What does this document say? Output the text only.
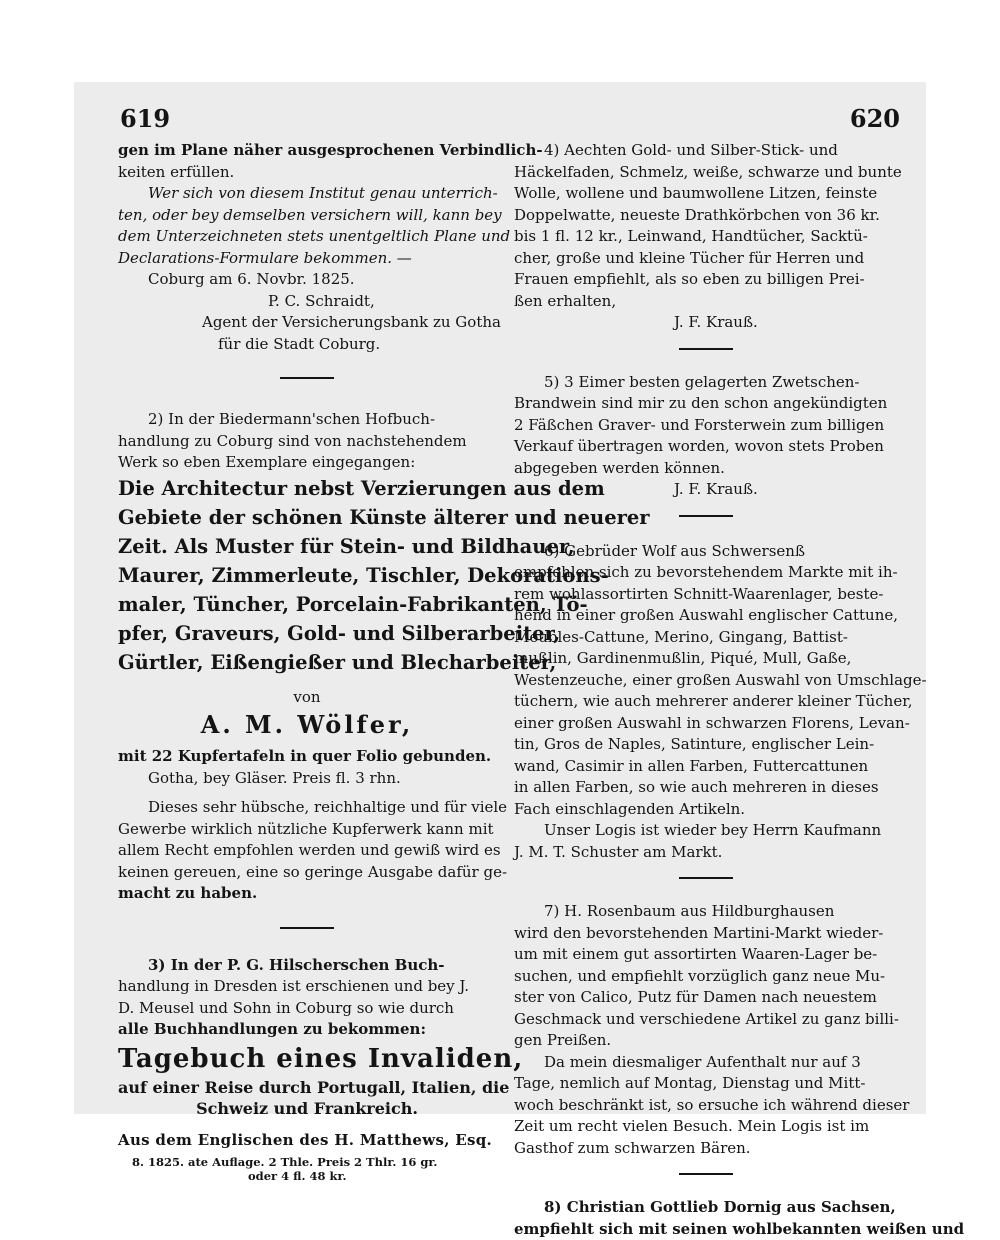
619	620
gen im Plane näher ausgesprochenen Verbindlich-
keiten erfüllen.
Wer sich von diesem Institut genau unterrich-
ten, oder bey demselben versichern will, kann bey
dem Unterzeichneten stets unentgeltlich Plane und
Declarations-Formulare bekommen. —
Coburg am 6. Novbr. 1825.
P. C. Schraidt,
Agent der Versicherungsbank zu Gotha
für die Stadt Coburg.
2) In der Biedermann'schen Hofbuch-
handlung zu Coburg sind von nachstehendem
Werk so eben Exemplare eingegangen:
Die Architectur nebst Verzierungen aus dem
Gebiete der schönen Künste älterer und neuerer
Zeit. Als Muster für Stein- und Bildhauer,
Maurer, Zimmerleute, Tischler, Dekorations-
maler, Tüncher, Porcelain-Fabrikanten, Tö-
pfer, Graveurs, Gold- und Silberarbeiter,
Gürtler, Eißengießer und Blecharbeiter,
von
A. M. Wölfer,
mit 22 Kupfertafeln in quer Folio gebunden.
Gotha, bey Gläser. Preis fl. 3 rhn.
Dieses sehr hübsche, reichhaltige und für viele
Gewerbe wirklich nützliche Kupferwerk kann mit
allem Recht empfohlen werden und gewiß wird es
keinen gereuen, eine so geringe Ausgabe dafür ge-
macht zu haben.
3) In der P. G. Hilscherschen Buch-
handlung in Dresden ist erschienen und bey J.
D. Meusel und Sohn in Coburg so wie durch
alle Buchhandlungen zu bekommen:
Tagebuch eines Invaliden,
auf einer Reise durch Portugall, Italien, die
Schweiz und Frankreich.
Aus dem Englischen des H. Matthews, Esq.
8. 1825. ate Auflage. 2 Thle. Preis 2 Thlr. 16 gr.
oder 4 fl. 48 kr.
4) Aechten Gold- und Silber-Stick- und
Häckelfaden, Schmelz, weiße, schwarze und bunte
Wolle, wollene und baumwollene Litzen, feinste
Doppelwatte, neueste Drathkörbchen von 36 kr.
bis 1 fl. 12 kr., Leinwand, Handtücher, Sacktü-
cher, große und kleine Tücher für Herren und
Frauen empfiehlt, als so eben zu billigen Prei-
ßen erhalten,
J. F. Krauß.
5) 3 Eimer besten gelagerten Zwetschen-
Brandwein sind mir zu den schon angekündigten
2 Fäßchen Graver- und Forsterwein zum billigen
Verkauf übertragen worden, wovon stets Proben
abgegeben werden können.
J. F. Krauß.
6) Gebrüder Wolf aus Schwersenß
empfehlen sich zu bevorstehendem Markte mit ih-
rem wohlassortirten Schnitt-Waarenlager, beste-
hend in einer großen Auswahl englischer Cattune,
Meubles-Cattune, Merino, Gingang, Battist-
mußlin, Gardinenmußlin, Piqué, Mull, Gaße,
Westenzeuche, einer großen Auswahl von Umschlage-
tüchern, wie auch mehrerer anderer kleiner Tücher,
einer großen Auswahl in schwarzen Florens, Levan-
tin, Gros de Naples, Satinture, englischer Lein-
wand, Casimir in allen Farben, Futtercattunen
in allen Farben, so wie auch mehreren in dieses
Fach einschlagenden Artikeln.
Unser Logis ist wieder bey Herrn Kaufmann
J. M. T. Schuster am Markt.
7) H. Rosenbaum aus Hildburghausen
wird den bevorstehenden Martini-Markt wieder-
um mit einem gut assortirten Waaren-Lager be-
suchen, und empfiehlt vorzüglich ganz neue Mu-
ster von Calico, Putz für Damen nach neuestem
Geschmack und verschiedene Artikel zu ganz billi-
gen Preißen.
Da mein diesmaliger Aufenthalt nur auf 3
Tage, nemlich auf Montag, Dienstag und Mitt-
woch beschränkt ist, so ersuche ich während dieser
Zeit um recht vielen Besuch. Mein Logis ist im
Gasthof zum schwarzen Bären.
8) Christian Gottlieb Dornig aus Sachsen,
empfiehlt sich mit seinen wohlbekannten weißen und
